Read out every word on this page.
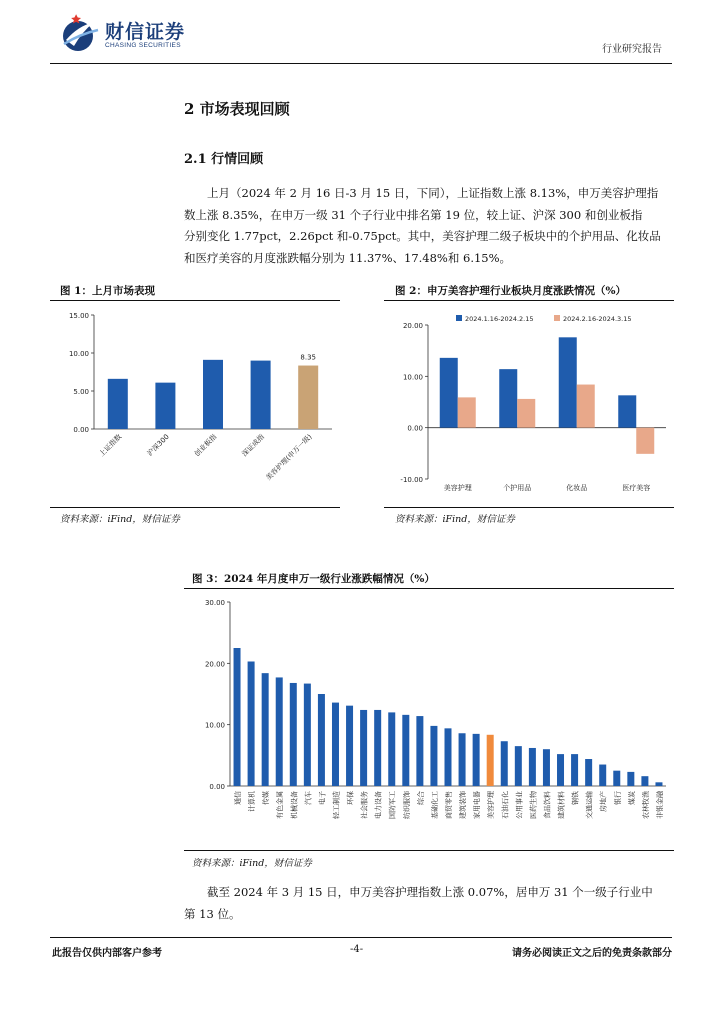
财信证券
CHASING SECURITIES	行业研究报告
2 市场表现回顾
2.1 行情回顾

上月（2024 年 2 月 16 日-3 月 15 日，下同），上证指数上涨 8.13%，申万美容护理指

数上涨 8.35%，在申万一级 31 个子行业中排名第 19 位，较上证、沪深 300 和创业板指

分别变化 1.77pct，2.26pct 和-0.75pct。其中，美容护理二级子板块中的个护用品、化妆品

和医疗美容的月度涨跌幅分别为 11.37%、17.48%和 6.15%。

图 1：上月市场表现
0.00
5.00
10.00
15.00
上证指数	沪深300	创业板指	深证成指
8.35
美容护理(申万一级)
资料来源：iFind，财信证券
图 2：申万美容护理行业板块月度涨跌情况（%）
-10.00
0.00
10.00
20.00
2024.1.16-2024.2.15	2024.2.16-2024.3.15
美容护理	个护用品	化妆品	医疗美容
资料来源：iFind，财信证券
图 3：2024 年月度申万一级行业涨跌幅情况（%）
0.00
10.00
20.00
30.00
通信 计算机 传媒 有色金属 机械设备 汽车 电子 轻工制造 环保 社会服务 电力设备 国防军工 纺织服饰 综合 基础化工 商贸零售 建筑装饰 家用电器 美容护理 石油石化 公用事业 医药生物 食品饮料 建筑材料 钢铁 交通运输 房地产 银行 煤炭 农林牧渔 非银金融
资料来源：iFind，财信证券

截至 2024 年 3 月 15 日，申万美容护理指数上涨 0.07%，居申万 31 个一级子行业中

第 13 位。

此报告仅供内部客户参考	-4-	请务必阅读正文之后的免责条款部分
